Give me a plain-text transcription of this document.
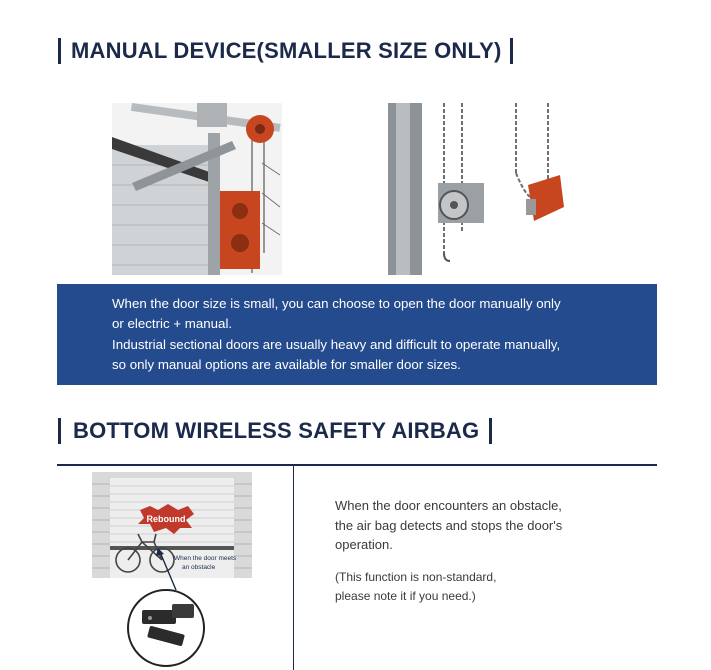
MANUAL DEVICE(SMALLER SIZE ONLY)

When the door size is small, you can choose to open the door manually only
or electric + manual.

Industrial sectional doors are usually heavy and difficult to operate manually,
so only manual options are available for smaller door sizes.

BOTTOM WIRELESS SAFETY AIRBAG
Rebound
When the door meets
an obstacle

When the door encounters an obstacle,
the air bag detects and stops the door's
operation.

(This function is non-standard,
please note it if you need.)
